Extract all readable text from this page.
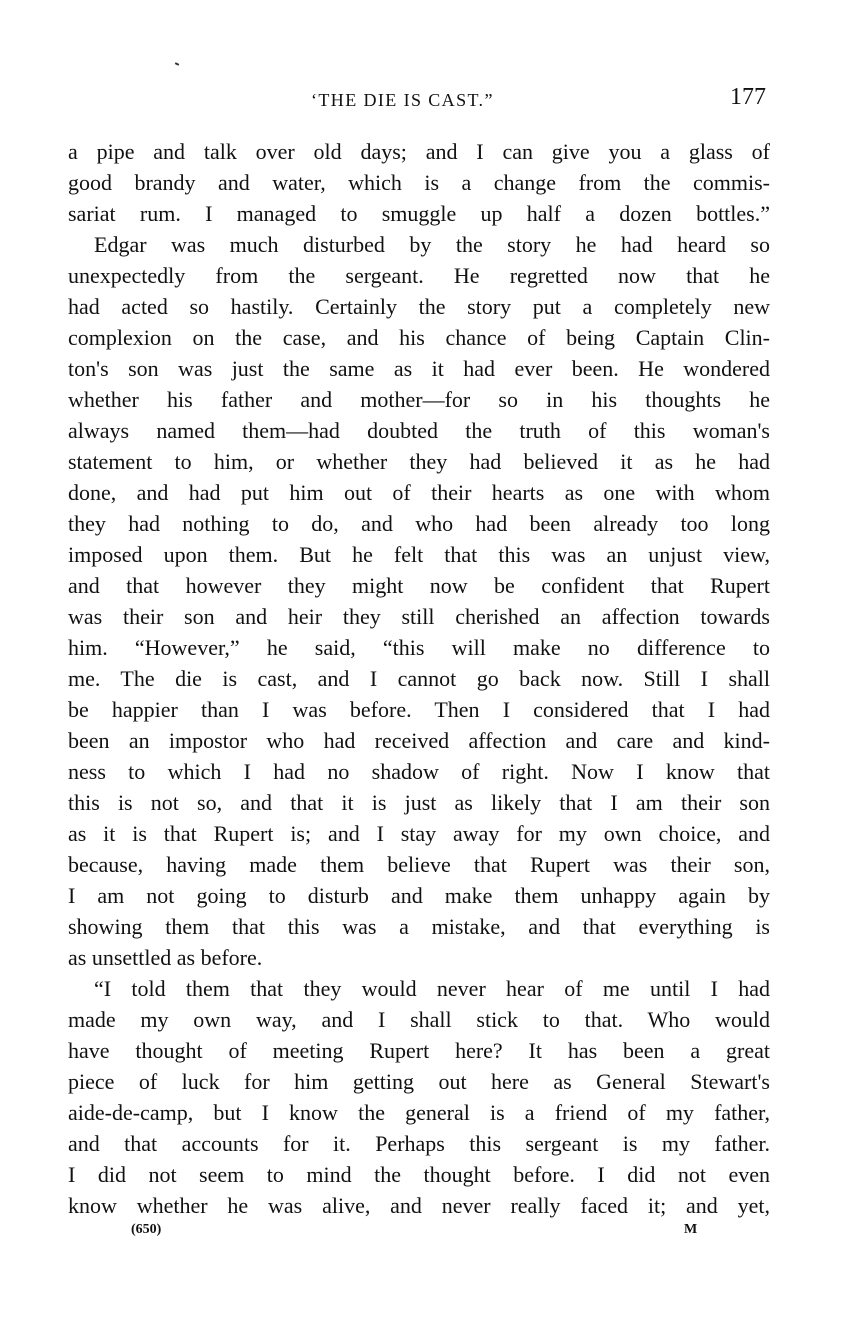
‘THE DIE IS CAST.”	177
a pipe and talk over old days; and I can give you a glass of
good brandy and water, which is a change from the commis-
sariat rum. I managed to smuggle up half a dozen bottles.”
Edgar was much disturbed by the story he had heard so
unexpectedly from the sergeant. He regretted now that he
had acted so hastily. Certainly the story put a completely new
complexion on the case, and his chance of being Captain Clin-
ton's son was just the same as it had ever been. He wondered
whether his father and mother—for so in his thoughts he
always named them—had doubted the truth of this woman's
statement to him, or whether they had believed it as he had
done, and had put him out of their hearts as one with whom
they had nothing to do, and who had been already too long
imposed upon them. But he felt that this was an unjust view,
and that however they might now be confident that Rupert
was their son and heir they still cherished an affection towards
him. “However,” he said, “this will make no difference to
me. The die is cast, and I cannot go back now. Still I shall
be happier than I was before. Then I considered that I had
been an impostor who had received affection and care and kind-
ness to which I had no shadow of right. Now I know that
this is not so, and that it is just as likely that I am their son
as it is that Rupert is; and I stay away for my own choice, and
because, having made them believe that Rupert was their son,
I am not going to disturb and make them unhappy again by
showing them that this was a mistake, and that everything is
as unsettled as before.
“I told them that they would never hear of me until I had
made my own way, and I shall stick to that. Who would
have thought of meeting Rupert here? It has been a great
piece of luck for him getting out here as General Stewart's
aide-de-camp, but I know the general is a friend of my father,
and that accounts for it. Perhaps this sergeant is my father.
I did not seem to mind the thought before. I did not even
know whether he was alive, and never really faced it; and yet,
(650)	M
